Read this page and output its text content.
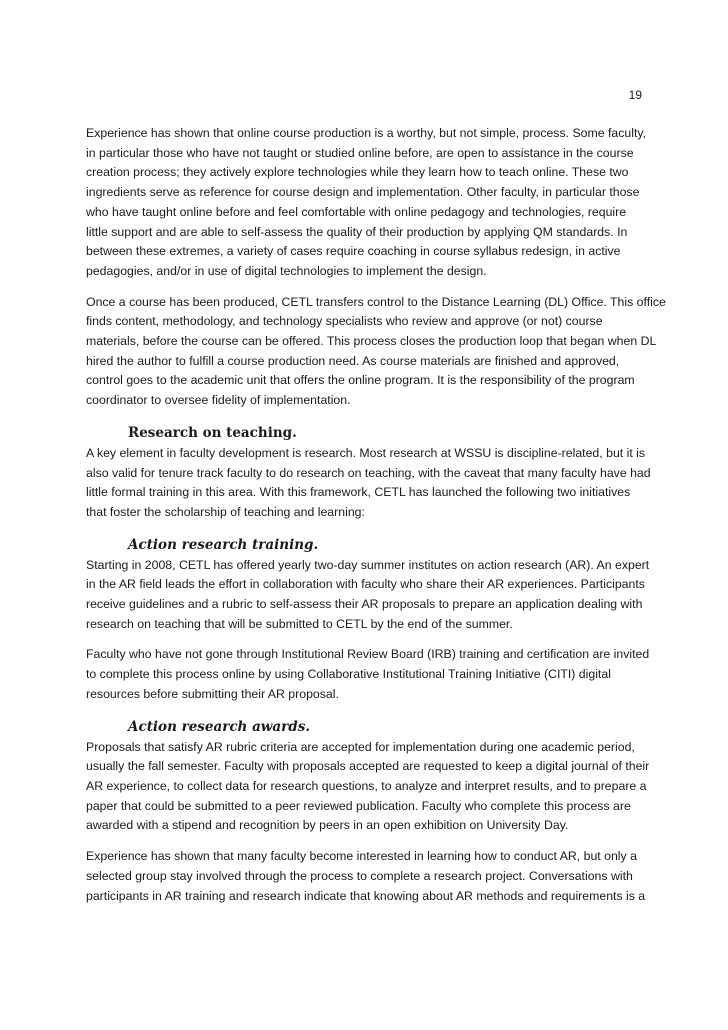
19

Experience has shown that online course production is a worthy, but not simple, process. Some faculty,

in particular those who have not taught or studied online before, are open to assistance in the course

creation process; they actively explore technologies while they learn how to teach online. These two

ingredients serve as reference for course design and implementation. Other faculty, in particular those

who have taught online before and feel comfortable with online pedagogy and technologies, require

little support and are able to self-assess the quality of their production by applying QM standards. In

between these extremes, a variety of cases require coaching in course syllabus redesign, in active

pedagogies, and/or in use of digital technologies to implement the design.

Once a course has been produced, CETL transfers control to the Distance Learning (DL) Office. This office

finds content, methodology, and technology specialists who review and approve (or not) course

materials, before the course can be offered. This process closes the production loop that began when DL

hired the author to fulfill a course production need. As course materials are finished and approved,

control goes to the academic unit that offers the online program. It is the responsibility of the program

coordinator to oversee fidelity of implementation.

Research on teaching.

A key element in faculty development is research. Most research at WSSU is discipline-related, but it is

also valid for tenure track faculty to do research on teaching, with the caveat that many faculty have had

little formal training in this area. With this framework, CETL has launched the following two initiatives

that foster the scholarship of teaching and learning:

Action research training.

Starting in 2008, CETL has offered yearly two-day summer institutes on action research (AR). An expert

in the AR field leads the effort in collaboration with faculty who share their AR experiences. Participants

receive guidelines and a rubric to self-assess their AR proposals to prepare an application dealing with

research on teaching that will be submitted to CETL by the end of the summer.

Faculty who have not gone through Institutional Review Board (IRB) training and certification are invited

to complete this process online by using Collaborative Institutional Training Initiative (CITI) digital

resources before submitting their AR proposal.

Action research awards.

Proposals that satisfy AR rubric criteria are accepted for implementation during one academic period,

usually the fall semester. Faculty with proposals accepted are requested to keep a digital journal of their

AR experience, to collect data for research questions, to analyze and interpret results, and to prepare a

paper that could be submitted to a peer reviewed publication. Faculty who complete this process are

awarded with a stipend and recognition by peers in an open exhibition on University Day.

Experience has shown that many faculty become interested in learning how to conduct AR, but only a

selected group stay involved through the process to complete a research project. Conversations with

participants in AR training and research indicate that knowing about AR methods and requirements is a
